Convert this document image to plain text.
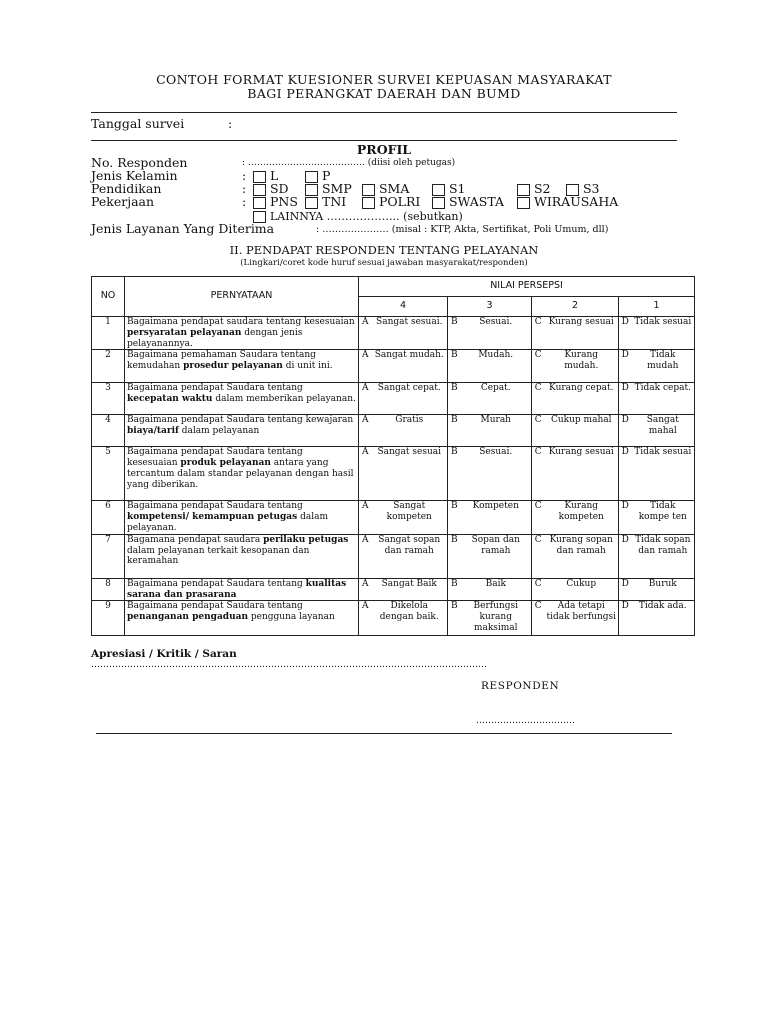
CONTOH FORMAT KUESIONER SURVEI KEPUASAN MASYARAKAT
BAGI PERANGKAT DAERAH DAN BUMD
Tanggal survei	:
PROFIL
No. Responden	: ………………………………… (diisi oleh petugas)
Jenis Kelamin	:	L	P
Pendidikan	:	SD	SMP	SMA	S1	S2	S3
Pekerjaan	:	PNS	TNI	POLRI	SWASTA	WIRAUSAHA
LAINNYA ……………….. (sebutkan)
Jenis Layanan Yang Diterima	: ………………… (misal : KTP, Akta, Sertifikat, Poli Umum, dll)
II. PENDAPAT RESPONDEN TENTANG PELAYANAN
(Lingkari/coret kode huruf sesuai jawaban masyarakat/responden)
NO	PERNYATAAN	NILAI PERSEPSI							
		4		3		2		1	
1	Bagaimana pendapat saudara tentang kesesuaian persyaratan pelayanan dengan jenis pelayanannya.	A	Sangat sesuai.	B	Sesuai.	C	Kurang sesuai	D	Tidak sesuai
2	Bagaimana pemahaman Saudara tentang kemudahan prosedur pelayanan di unit ini.	A	Sangat mudah.	B	Mudah.	C	Kurang mudah.	D	Tidak mudah
3	Bagaimana pendapat Saudara tentang kecepatan waktu dalam memberikan pelayanan.	A	Sangat cepat.	B	Cepat.	C	Kurang cepat.	D	Tidak cepat.
4	Bagaimana pendapat Saudara tentang kewajaran biaya/tarif dalam pelayanan	A	Gratis	B	Murah	C	Cukup mahal	D	Sangat mahal
5	Bagaimana pendapat Saudara tentang kesesuaian produk pelayanan antara yang tercantum dalam standar pelayanan dengan hasil yang diberikan.	A	Sangat sesuai	B	Sesuai.	C	Kurang sesuai	D	Tidak sesuai
6	Bagaimana pendapat Saudara tentang kompetensi/ kemampuan petugas dalam pelayanan.	A	Sangat kompeten	B	Kompeten	C	Kurang kompeten	D	Tidak kompe ten
7	Bagamana pendapat saudara perilaku petugas dalam pelayanan terkait kesopanan dan keramahan	A	Sangat sopan dan ramah	B	Sopan dan ramah	C	Kurang sopan dan ramah	D	Tidak sopan dan ramah
8	Bagaimana pendapat Saudara tentang kualitas sarana dan prasarana	A	Sangat Baik	B	Baik	C	Cukup	D	Buruk
9	Bagaimana pendapat Saudara tentang penanganan pengaduan pengguna layanan	A	Dikelola dengan baik.	B	Berfungsi kurang maksimal	C	Ada tetapi tidak berfungsi	D	Tidak ada.
Apresiasi / Kritik / Saran
……………………………………………………………………………………………………………………
RESPONDEN
……………………………
